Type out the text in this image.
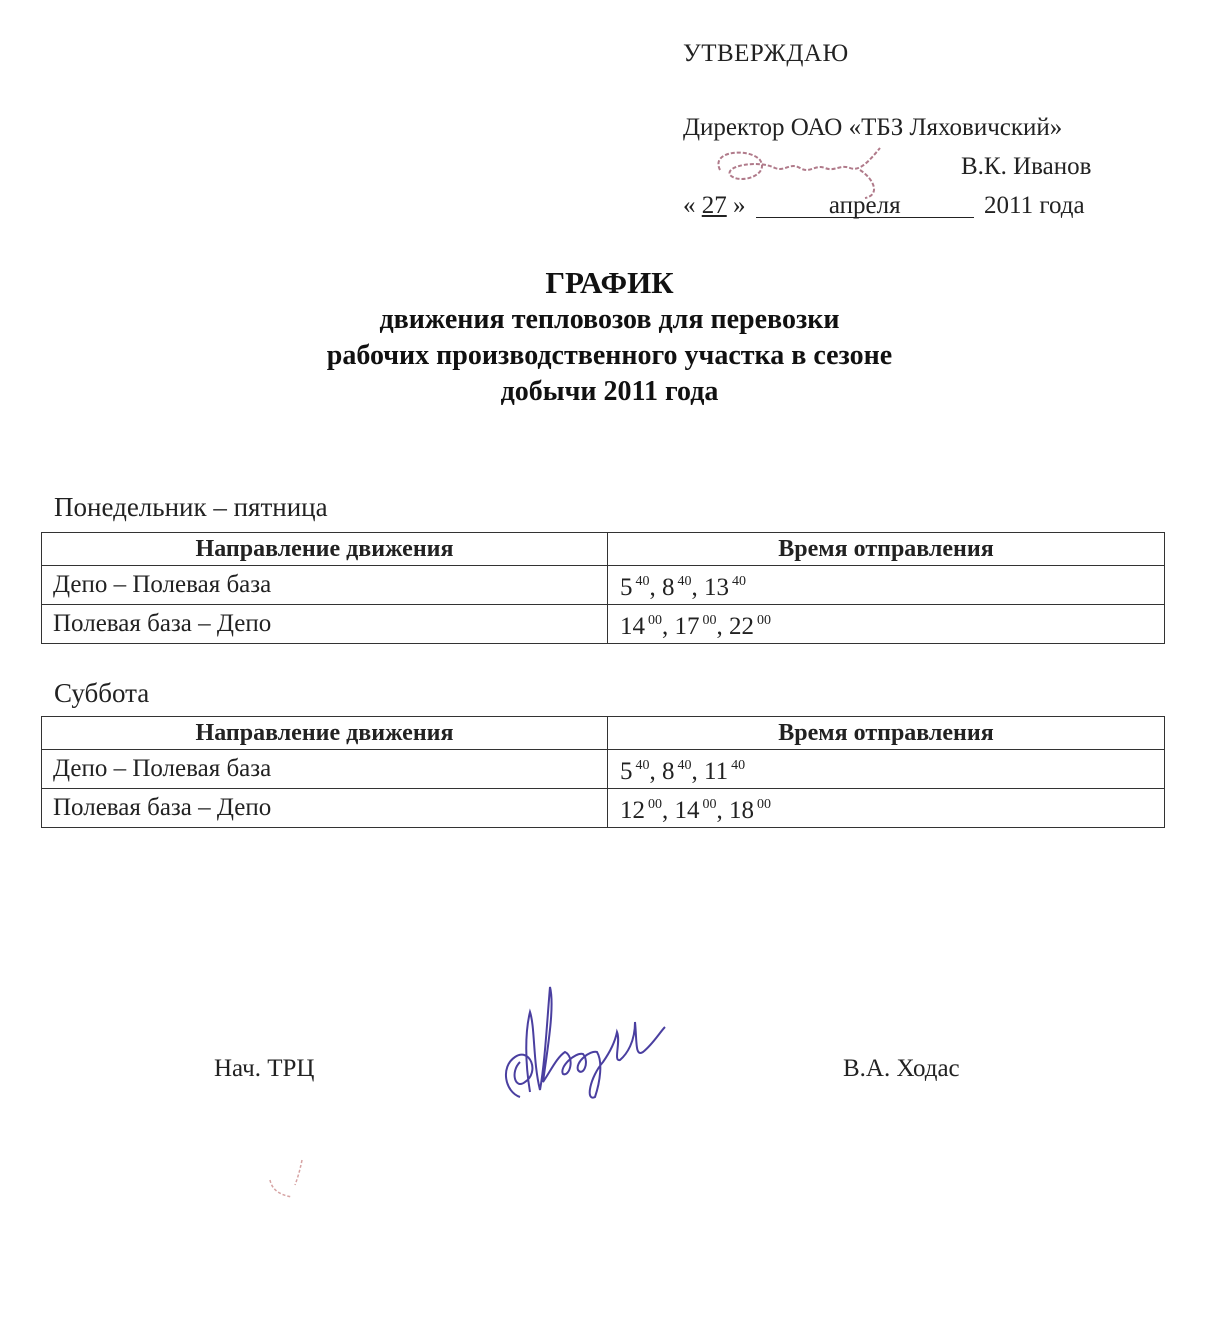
УТВЕРЖДАЮ
Директор ОАО «ТБЗ Ляховичский»
В.К. Иванов
« 27 »	апреля	2011 года
ГРАФИК
движения тепловозов для перевозки
рабочих производственного участка в сезоне
добычи 2011 года
Понедельник – пятница
Направление движения	Время отправления
Депо – Полевая база	5 $^{40}$, 8 $^{40}$, 13 $^{40}$
Полевая база – Депо	14 $^{00}$, 17 $^{00}$, 22 $^{00}$
Суббота
Направление движения	Время отправления
Депо – Полевая база	5 $^{40}$, 8 $^{40}$, 11 $^{40}$
Полевая база – Депо	12 $^{00}$, 14 $^{00}$, 18 $^{00}$
Нач. ТРЦ	В.А. Ходас
